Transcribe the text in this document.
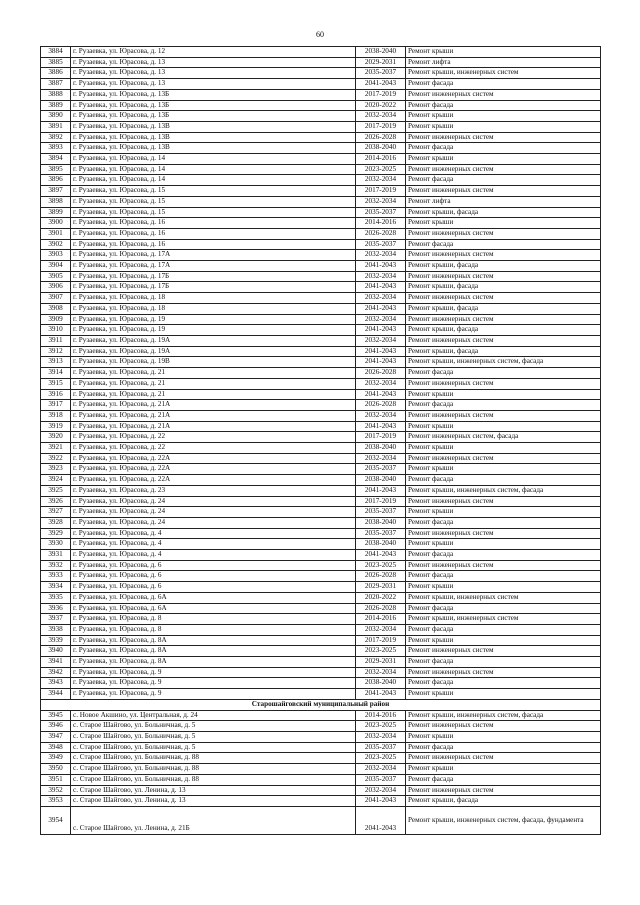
60
3884	г. Рузаевка, ул. Юрасова, д. 12	2038-2040	Ремонт крыши
3885	г. Рузаевка, ул. Юрасова, д. 13	2029-2031	Ремонт лифта
3886	г. Рузаевка, ул. Юрасова, д. 13	2035-2037	Ремонт крыши, инженерных систем
3887	г. Рузаевка, ул. Юрасова, д. 13	2041-2043	Ремонт фасада
3888	г. Рузаевка, ул. Юрасова, д. 13Б	2017-2019	Ремонт инженерных систем
3889	г. Рузаевка, ул. Юрасова, д. 13Б	2020-2022	Ремонт фасада
3890	г. Рузаевка, ул. Юрасова, д. 13Б	2032-2034	Ремонт крыши
3891	г. Рузаевка, ул. Юрасова, д. 13В	2017-2019	Ремонт крыши
3892	г. Рузаевка, ул. Юрасова, д. 13В	2026-2028	Ремонт инженерных систем
3893	г. Рузаевка, ул. Юрасова, д. 13В	2038-2040	Ремонт фасада
3894	г. Рузаевка, ул. Юрасова, д. 14	2014-2016	Ремонт крыши
3895	г. Рузаевка, ул. Юрасова, д. 14	2023-2025	Ремонт инженерных систем
3896	г. Рузаевка, ул. Юрасова, д. 14	2032-2034	Ремонт фасада
3897	г. Рузаевка, ул. Юрасова, д. 15	2017-2019	Ремонт инженерных систем
3898	г. Рузаевка, ул. Юрасова, д. 15	2032-2034	Ремонт лифта
3899	г. Рузаевка, ул. Юрасова, д. 15	2035-2037	Ремонт крыши, фасада
3900	г. Рузаевка, ул. Юрасова, д. 16	2014-2016	Ремонт крыши
3901	г. Рузаевка, ул. Юрасова, д. 16	2026-2028	Ремонт инженерных систем
3902	г. Рузаевка, ул. Юрасова, д. 16	2035-2037	Ремонт фасада
3903	г. Рузаевка, ул. Юрасова, д. 17А	2032-2034	Ремонт инженерных систем
3904	г. Рузаевка, ул. Юрасова, д. 17А	2041-2043	Ремонт крыши, фасада
3905	г. Рузаевка, ул. Юрасова, д. 17Б	2032-2034	Ремонт инженерных систем
3906	г. Рузаевка, ул. Юрасова, д. 17Б	2041-2043	Ремонт крыши, фасада
3907	г. Рузаевка, ул. Юрасова, д. 18	2032-2034	Ремонт инженерных систем
3908	г. Рузаевка, ул. Юрасова, д. 18	2041-2043	Ремонт крыши, фасада
3909	г. Рузаевка, ул. Юрасова, д. 19	2032-2034	Ремонт инженерных систем
3910	г. Рузаевка, ул. Юрасова, д. 19	2041-2043	Ремонт крыши, фасада
3911	г. Рузаевка, ул. Юрасова, д. 19А	2032-2034	Ремонт инженерных систем
3912	г. Рузаевка, ул. Юрасова, д. 19А	2041-2043	Ремонт крыши, фасада
3913	г. Рузаевка, ул. Юрасова, д. 19В	2041-2043	Ремонт крыши, инженерных систем, фасада
3914	г. Рузаевка, ул. Юрасова, д. 21	2026-2028	Ремонт фасада
3915	г. Рузаевка, ул. Юрасова, д. 21	2032-2034	Ремонт инженерных систем
3916	г. Рузаевка, ул. Юрасова, д. 21	2041-2043	Ремонт крыши
3917	г. Рузаевка, ул. Юрасова, д. 21А	2026-2028	Ремонт фасада
3918	г. Рузаевка, ул. Юрасова, д. 21А	2032-2034	Ремонт инженерных систем
3919	г. Рузаевка, ул. Юрасова, д. 21А	2041-2043	Ремонт крыши
3920	г. Рузаевка, ул. Юрасова, д. 22	2017-2019	Ремонт инженерных систем, фасада
3921	г. Рузаевка, ул. Юрасова, д. 22	2038-2040	Ремонт крыши
3922	г. Рузаевка, ул. Юрасова, д. 22А	2032-2034	Ремонт инженерных систем
3923	г. Рузаевка, ул. Юрасова, д. 22А	2035-2037	Ремонт крыши
3924	г. Рузаевка, ул. Юрасова, д. 22А	2038-2040	Ремонт фасада
3925	г. Рузаевка, ул. Юрасова, д. 23	2041-2043	Ремонт крыши, инженерных систем, фасада
3926	г. Рузаевка, ул. Юрасова, д. 24	2017-2019	Ремонт инженерных систем
3927	г. Рузаевка, ул. Юрасова, д. 24	2035-2037	Ремонт крыши
3928	г. Рузаевка, ул. Юрасова, д. 24	2038-2040	Ремонт фасада
3929	г. Рузаевка, ул. Юрасова, д. 4	2035-2037	Ремонт инженерных систем
3930	г. Рузаевка, ул. Юрасова, д. 4	2038-2040	Ремонт крыши
3931	г. Рузаевка, ул. Юрасова, д. 4	2041-2043	Ремонт фасада
3932	г. Рузаевка, ул. Юрасова, д. 6	2023-2025	Ремонт инженерных систем
3933	г. Рузаевка, ул. Юрасова, д. 6	2026-2028	Ремонт фасада
3934	г. Рузаевка, ул. Юрасова, д. 6	2029-2031	Ремонт крыши
3935	г. Рузаевка, ул. Юрасова, д. 6А	2020-2022	Ремонт крыши, инженерных систем
3936	г. Рузаевка, ул. Юрасова, д. 6А	2026-2028	Ремонт фасада
3937	г. Рузаевка, ул. Юрасова, д. 8	2014-2016	Ремонт крыши, инженерных систем
3938	г. Рузаевка, ул. Юрасова, д. 8	2032-2034	Ремонт фасада
3939	г. Рузаевка, ул. Юрасова, д. 8А	2017-2019	Ремонт крыши
3940	г. Рузаевка, ул. Юрасова, д. 8А	2023-2025	Ремонт инженерных систем
3941	г. Рузаевка, ул. Юрасова, д. 8А	2029-2031	Ремонт фасада
3942	г. Рузаевка, ул. Юрасова, д. 9	2032-2034	Ремонт инженерных систем
3943	г. Рузаевка, ул. Юрасова, д. 9	2038-2040	Ремонт фасада
3944	г. Рузаевка, ул. Юрасова, д. 9	2041-2043	Ремонт крыши
Старошайговский муниципальный район			
3945	с. Новое Акшино, ул. Центральная, д. 24	2014-2016	Ремонт крыши, инженерных систем, фасада
3946	с. Старое Шайгово, ул. Больничная, д. 5	2023-2025	Ремонт инженерных систем
3947	с. Старое Шайгово, ул. Больничная, д. 5	2032-2034	Ремонт крыши
3948	с. Старое Шайгово, ул. Больничная, д. 5	2035-2037	Ремонт фасада
3949	с. Старое Шайгово, ул. Больничная, д. 88	2023-2025	Ремонт инженерных систем
3950	с. Старое Шайгово, ул. Больничная, д. 88	2032-2034	Ремонт крыши
3951	с. Старое Шайгово, ул. Больничная, д. 88	2035-2037	Ремонт фасада
3952	с. Старое Шайгово, ул. Ленина, д. 13	2032-2034	Ремонт инженерных систем
3953	с. Старое Шайгово, ул. Ленина, д. 13	2041-2043	Ремонт крыши, фасада
3954	с. Старое Шайгово, ул. Ленина, д. 21Б	2041-2043	Ремонт крыши, инженерных систем, фасада, фундамента
